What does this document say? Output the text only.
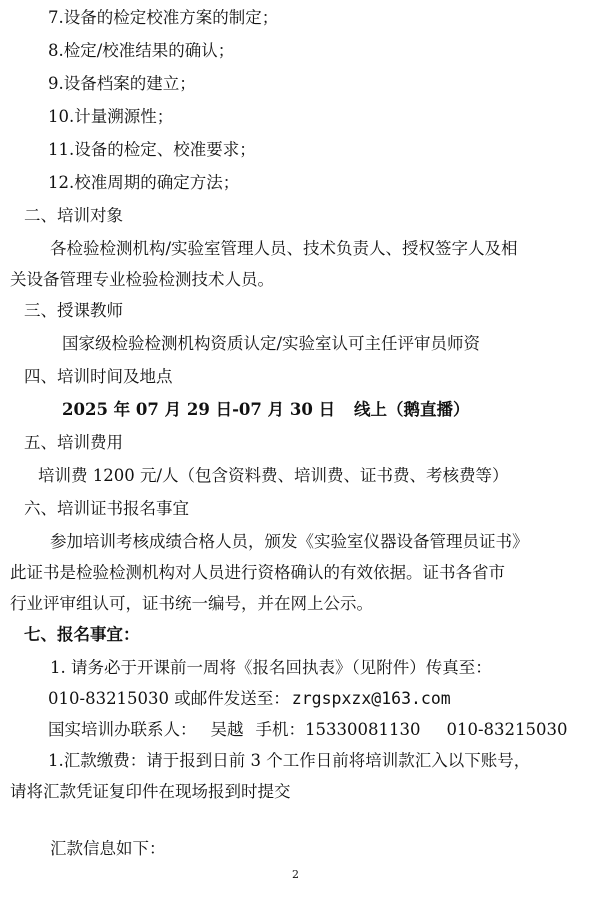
7.设备的检定校准方案的制定；
8.检定/校准结果的确认；
9.设备档案的建立；
10.计量溯源性；
11.设备的检定、校准要求；
12.校准周期的确定方法；
二、培训对象
各检验检测机构/实验室管理人员、技术负责人、授权签字人及相
关设备管理专业检验检测技术人员。
三、授课教师
国家级检验检测机构资质认定/实验室认可主任评审员师资
四、培训时间及地点
2025 年 07 月 29 日-07 月 30 日 线上（鹅直播）
五、培训费用
培训费 1200 元/人（包含资料费、培训费、证书费、考核费等）
六、培训证书报名事宜
参加培训考核成绩合格人员，颁发《实验室仪器设备管理员证书》
此证书是检验检测机构对人员进行资格确认的有效依据。证书各省市
行业评审组认可，证书统一编号，并在网上公示。
七、报名事宜：
1. 请务必于开课前一周将《报名回执表》（见附件）传真至：
010-83215030 或邮件发送至： zrgspxzx@163.com
国实培训办联系人： 吴越 手机：15330081130 010-83215030
1.汇款缴费：请于报到日前 3 个工作日前将培训款汇入以下账号，
请将汇款凭证复印件在现场报到时提交
汇款信息如下：
2
